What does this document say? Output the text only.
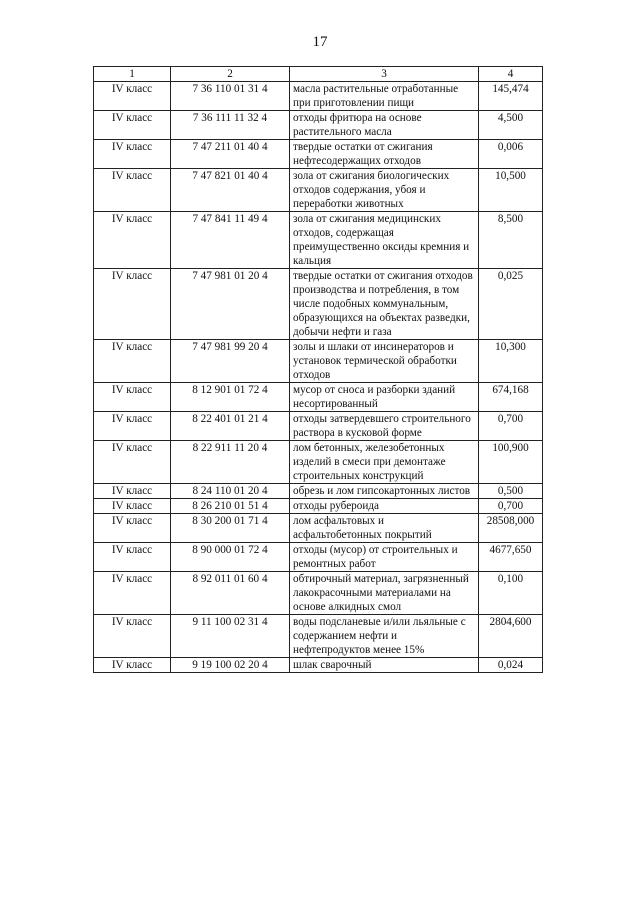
17
1	2	3	4
IV класс	7 36 110 01 31 4	масла растительные отработанные при приготовлении пищи	145,474
IV класс	7 36 111 11 32 4	отходы фритюра на основе растительного масла	4,500
IV класс	7 47 211 01 40 4	твердые остатки от сжигания нефтесодержащих отходов	0,006
IV класс	7 47 821 01 40 4	зола от сжигания биологических отходов содержания, убоя и переработки животных	10,500
IV класс	7 47 841 11 49 4	зола от сжигания медицинских отходов, содержащая преимущественно оксиды кремния и кальция	8,500
IV класс	7 47 981 01 20 4	твердые остатки от сжигания отходов производства и потребления, в том числе подобных коммунальным, образующихся на объектах разведки, добычи нефти и газа	0,025
IV класс	7 47 981 99 20 4	золы и шлаки от инсинераторов и установок термической обработки отходов	10,300
IV класс	8 12 901 01 72 4	мусор от сноса и разборки зданий несортированный	674,168
IV класс	8 22 401 01 21 4	отходы затвердевшего строительного раствора в кусковой форме	0,700
IV класс	8 22 911 11 20 4	лом бетонных, железобетонных изделий в смеси при демонтаже строительных конструкций	100,900
IV класс	8 24 110 01 20 4	обрезь и лом гипсокартонных листов	0,500
IV класс	8 26 210 01 51 4	отходы рубероида	0,700
IV класс	8 30 200 01 71 4	лом асфальтовых и асфальтобетонных покрытий	28508,000
IV класс	8 90 000 01 72 4	отходы (мусор) от строительных и ремонтных работ	4677,650
IV класс	8 92 011 01 60 4	обтирочный материал, загрязненный лакокрасочными материалами на основе алкидных смол	0,100
IV класс	9 11 100 02 31 4	воды подсланевые и/или льяльные с содержанием нефти и нефтепродуктов менее 15%	2804,600
IV класс	9 19 100 02 20 4	шлак сварочный	0,024
